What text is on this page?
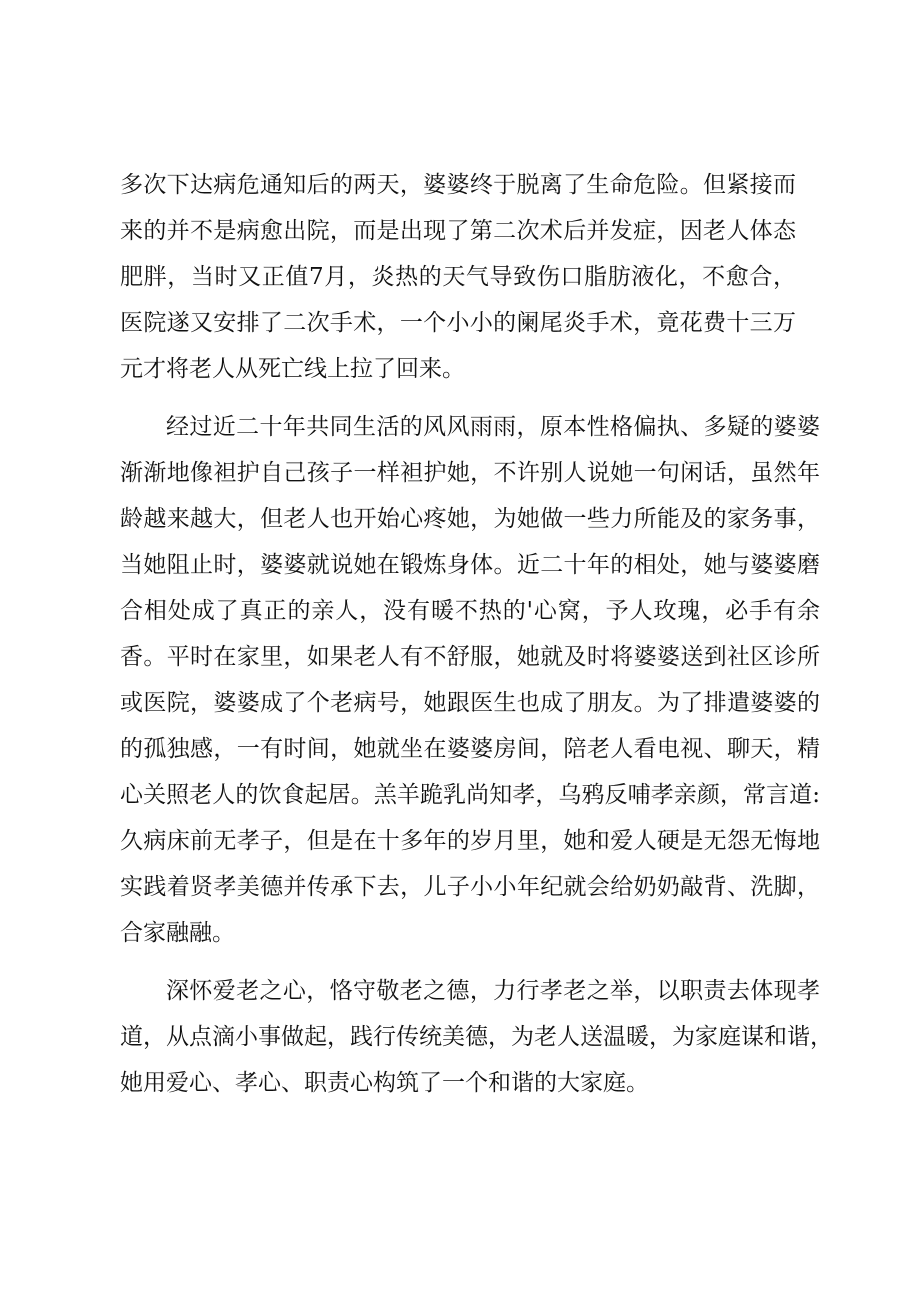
多次下达病危通知后的两天，婆婆终于脱离了生命危险。但紧接而

来的并不是病愈出院，而是出现了第二次术后并发症，因老人体态

肥胖，当时又正值7月，炎热的天气导致伤口脂肪液化，不愈合，

医院遂又安排了二次手术，一个小小的阑尾炎手术，竟花费十三万

元才将老人从死亡线上拉了回来。

经过近二十年共同生活的风风雨雨，原本性格偏执、多疑的婆婆

渐渐地像袒护自己孩子一样袒护她，不许别人说她一句闲话，虽然年

龄越来越大，但老人也开始心疼她，为她做一些力所能及的家务事，

当她阻止时，婆婆就说她在锻炼身体。近二十年的相处，她与婆婆磨

合相处成了真正的亲人，没有暖不热的'心窝，予人玫瑰，必手有余

香。平时在家里，如果老人有不舒服，她就及时将婆婆送到社区诊所

或医院，婆婆成了个老病号，她跟医生也成了朋友。为了排遣婆婆的

的孤独感，一有时间，她就坐在婆婆房间，陪老人看电视、聊天，精

心关照老人的饮食起居。羔羊跪乳尚知孝，乌鸦反哺孝亲颜，常言道:

久病床前无孝子，但是在十多年的岁月里，她和爱人硬是无怨无悔地

实践着贤孝美德并传承下去，儿子小小年纪就会给奶奶敲背、洗脚，

合家融融。

深怀爱老之心，恪守敬老之德，力行孝老之举，以职责去体现孝

道，从点滴小事做起，践行传统美德，为老人送温暖，为家庭谋和谐，

她用爱心、孝心、职责心构筑了一个和谐的大家庭。
